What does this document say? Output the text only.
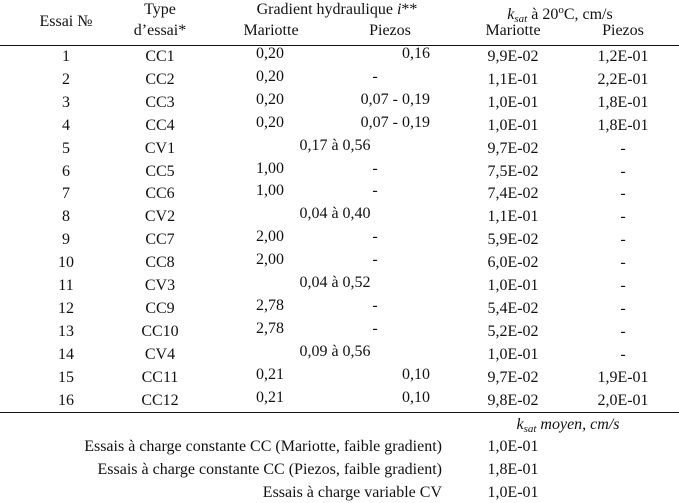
Essai №
Type
d’essai*
Gradient hydraulique i**
Mariotte	Piezos
$k_{sat}$ à 20$^o$C, cm/s
Mariotte	Piezos
1	CC1	0,20	0,16	9,9E-02	1,2E-01
2	CC2	0,20	-	1,1E-01	2,2E-01
3	CC3	0,20	0,07 - 0,19	1,0E-01	1,8E-01
4	CC4	0,20	0,07 - 0,19	1,0E-01	1,8E-01
5	CV1	0,17 à 0,56	9,7E-02	-
6	CC5	1,00	-	7,5E-02	-
7	CC6	1,00	-	7,4E-02	-
8	CV2	0,04 à 0,40	1,1E-01	-
9	CC7	2,00	-	5,9E-02	-
10	CC8	2,00	-	6,0E-02	-
11	CV3	0,04 à 0,52	1,0E-01	-
12	CC9	2,78	-	5,4E-02	-
13	CC10	2,78	-	5,2E-02	-
14	CV4	0,09 à 0,56	1,0E-01	-
15	CC11	0,21	0,10	9,7E-02	1,9E-01
16	CC12	0,21	0,10	9,8E-02	2,0E-01
$k_{sat}$ moyen, cm/s
Essais à charge constante CC (Mariotte, faible gradient)	1,0E-01
Essais à charge constante CC (Piezos, faible gradient)	1,8E-01
Essais à charge variable CV	1,0E-01
